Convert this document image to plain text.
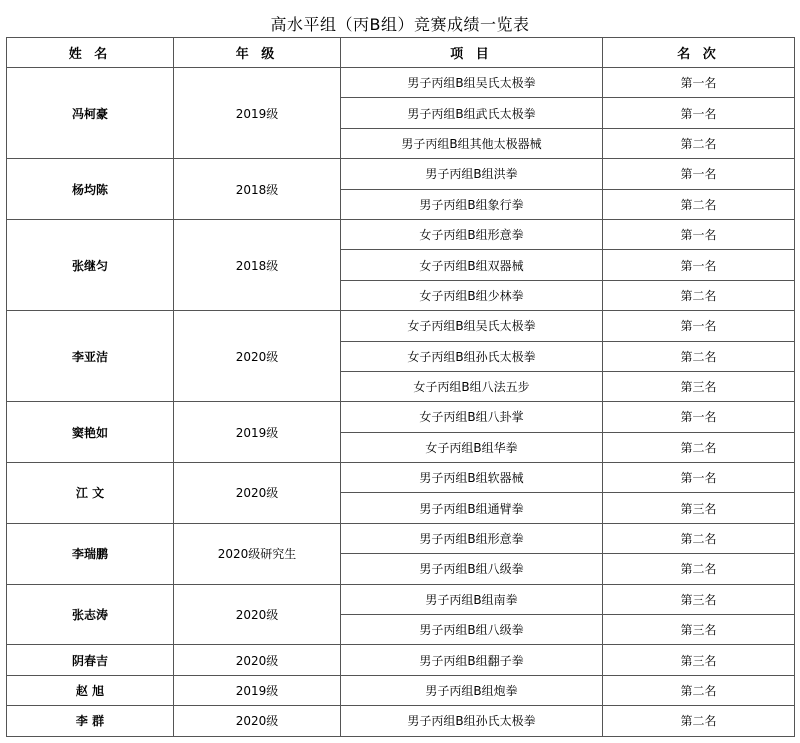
高水平组（丙B组）竞赛成绩一览表
姓 名	年 级	项 目	名 次
冯柯豪	2019级	男子丙组B组吴氏太极拳	第一名
		男子丙组B组武氏太极拳	第一名
		男子丙组B组其他太极器械	第二名
杨均陈	2018级	男子丙组B组洪拳	第一名
		男子丙组B组象行拳	第二名
张继匀	2018级	女子丙组B组形意拳	第一名
		女子丙组B组双器械	第一名
		女子丙组B组少林拳	第二名
李亚洁	2020级	女子丙组B组吴氏太极拳	第一名
		女子丙组B组孙氏太极拳	第二名
		女子丙组B组八法五步	第三名
窦艳如	2019级	女子丙组B组八卦掌	第一名
		女子丙组B组华拳	第二名
江 文	2020级	男子丙组B组软器械	第一名
		男子丙组B组通臂拳	第三名
李瑞鹏	2020级研究生	男子丙组B组形意拳	第二名
		男子丙组B组八级拳	第二名
张志涛	2020级	男子丙组B组南拳	第三名
		男子丙组B组八级拳	第三名
阴春吉	2020级	男子丙组B组翻子拳	第三名
赵 旭	2019级	男子丙组B组炮拳	第二名
李 群	2020级	男子丙组B组孙氏太极拳	第二名
